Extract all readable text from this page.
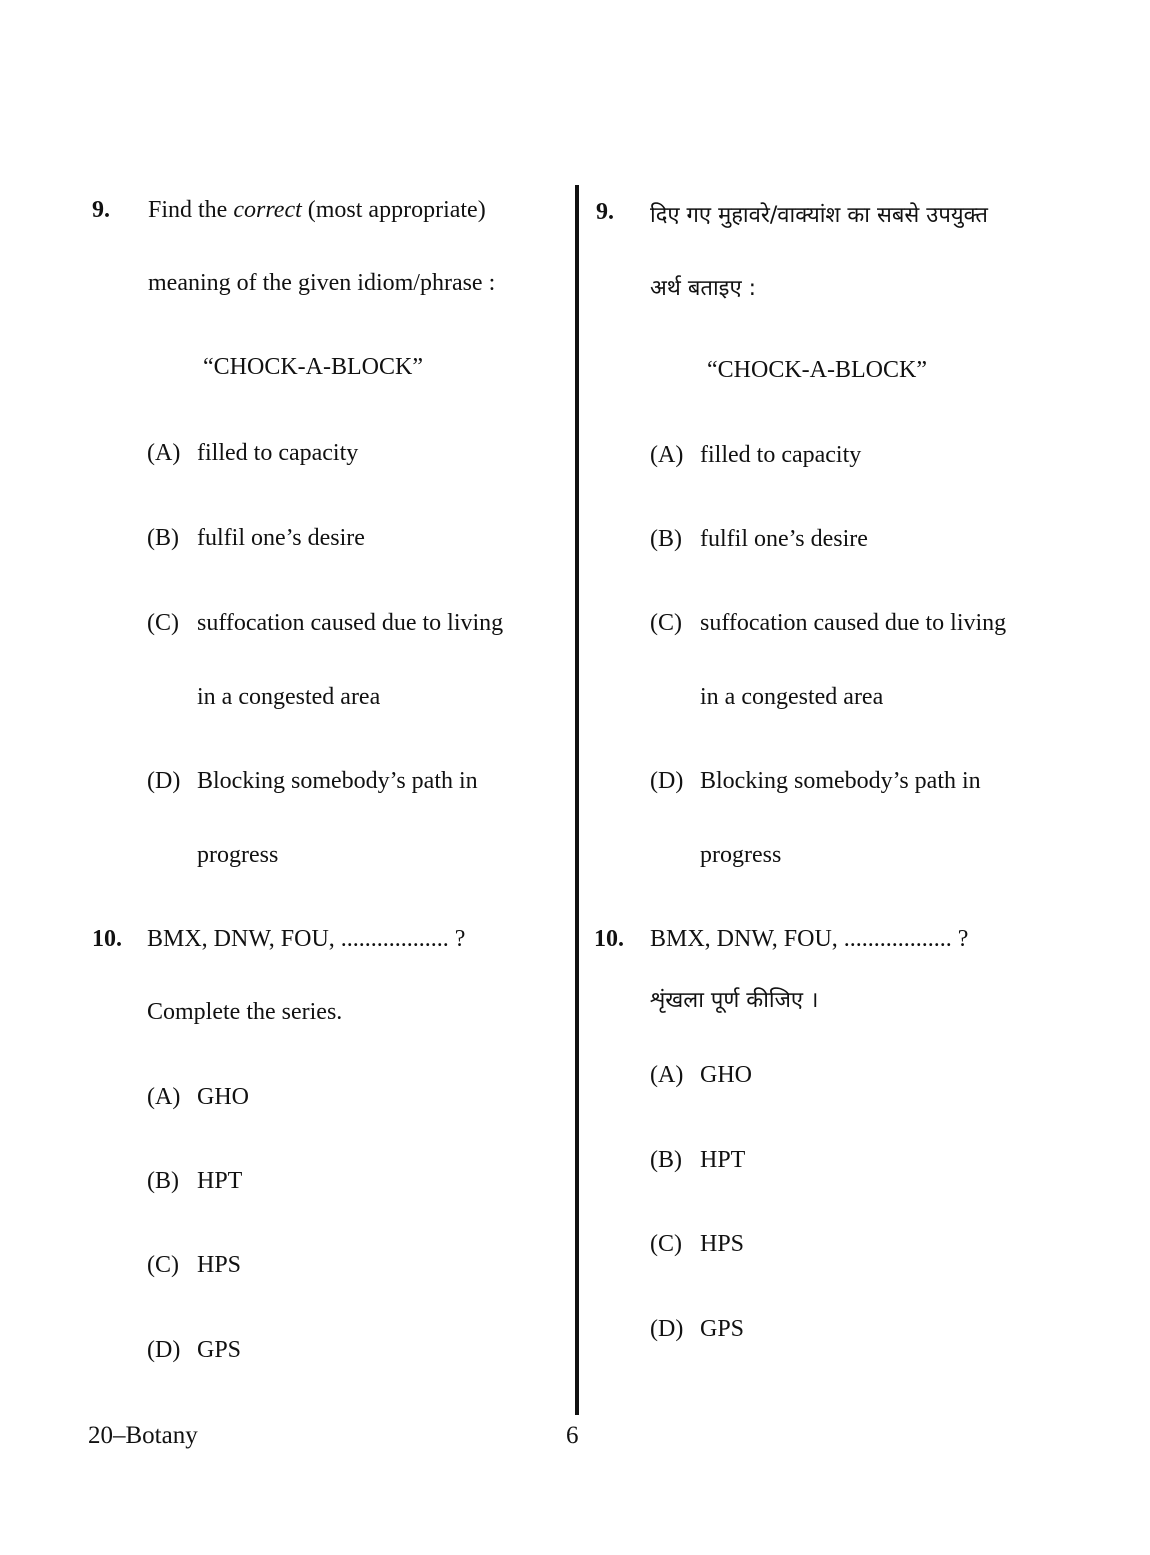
9. Find the correct (most appropriate)
meaning of the given idiom/phrase :
“CHOCK-A-BLOCK”
(A) filled to capacity
(B) fulfil one’s desire
(C) suffocation caused due to living
in a congested area
(D) Blocking somebody’s path in
progress
10. BMX, DNW, FOU, .................. ?
Complete the series.
(A) GHO
(B) HPT
(C) HPS
(D) GPS
9. दिए गए मुहावरे/वाक्यांश का सबसे उपयुक्त
अर्थ बताइए :
“CHOCK-A-BLOCK”
(A) filled to capacity
(B) fulfil one’s desire
(C) suffocation caused due to living
in a congested area
(D) Blocking somebody’s path in
progress
10. BMX, DNW, FOU, .................. ?
शृंखला पूर्ण कीजिए ।
(A) GHO
(B) HPT
(C) HPS
(D) GPS
20–Botany	6
